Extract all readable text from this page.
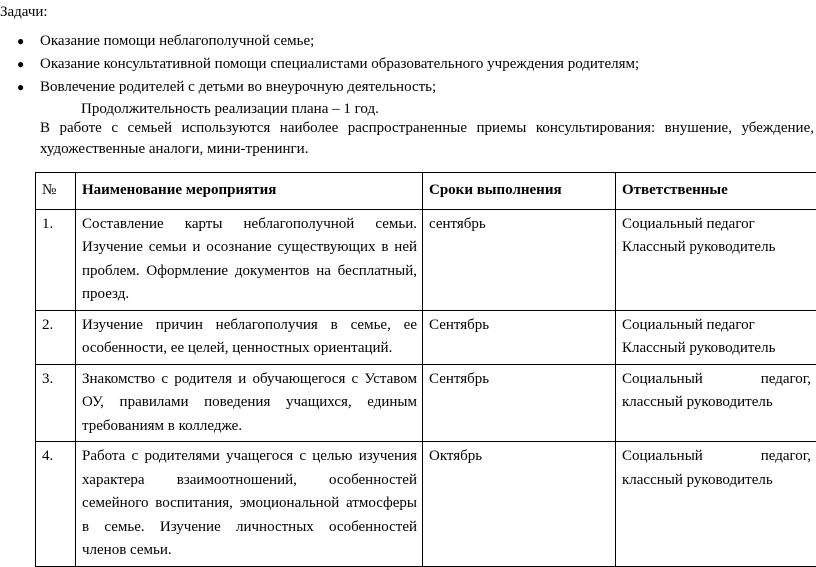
Задачи:
● Оказание помощи неблагополучной семье;
● Оказание консультативной помощи специалистами образовательного учреждения родителям;
● Вовлечение родителей с детьми во внеурочную деятельность;
Продолжительность реализации плана – 1 год.
В работе с семьей используются наиболее распространенные приемы консультирования: внушение, убеждение, художественные аналоги, мини-тренинги.
№	Наименование мероприятия	Сроки выполнения	Ответственные
1.	Составление карты неблагополучной семьи. Изучение семьи и осознание существующих в ней проблем. Оформление документов на бесплатный, проезд.	сентябрь	Социальный педагог
Классный руководитель

2.	Изучение причин неблагополучия в семье, ее особенности, ее целей, ценностных ориентаций.	Сентябрь	Социальный педагог
Классный руководитель

3.	Знакомство с родителя и обучающегося с Уставом ОУ, правилами поведения учащихся, единым требованиям в колледже.	Сентябрь	Социальный педагог,
классный руководитель

4.	Работа с родителями учащегося с целью изучения характера взаимоотношений, особенностей семейного воспитания, эмоциональной атмосферы в семье. Изучение личностных особенностей членов семьи.	Октябрь	Социальный педагог,
классный руководитель
